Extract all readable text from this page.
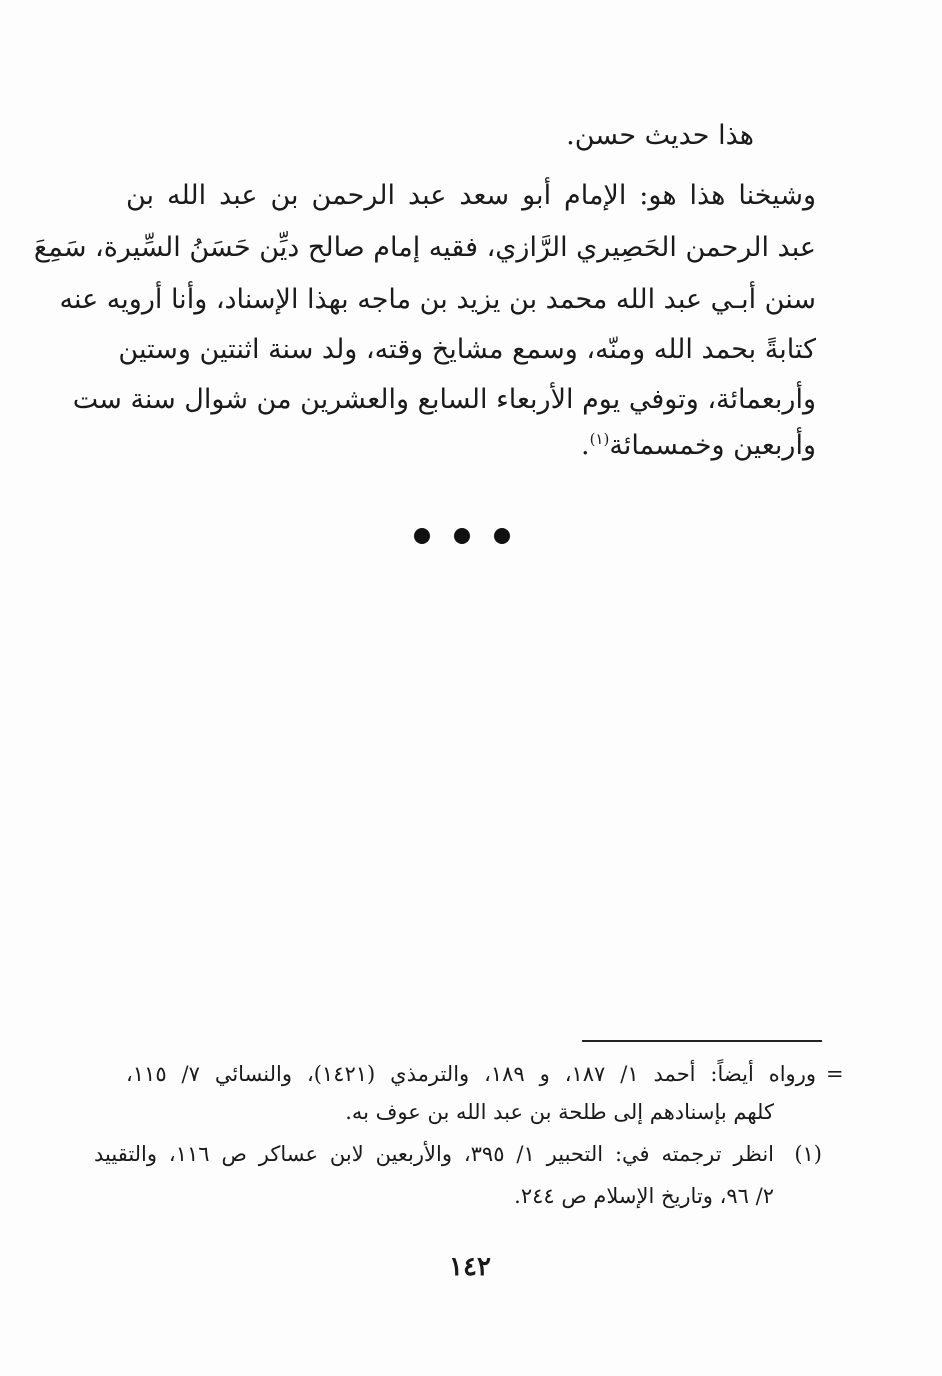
هذا حديث حسن.
وشيخنا هذا هو: الإمام أبو سعد عبد الرحمن بن عبد الله بن
عبد الرحمن الحَصِيري الرَّازي، فقيه إمام صالح ديِّن حَسَنُ السِّيرة، سَمِعَ
سنن أبـي عبد الله محمد بن يزيد بن ماجه بهذا الإسناد، وأنا أرويه عنه
كتابةً بحمد الله ومنّه، وسمع مشايخ وقته، ولد سنة اثنتين وستين
وأربعمائة، وتوفي يوم الأربعاء السابع والعشرين من شوال سنة ست
وأربعين وخمسمائة$^{(١)}$.
=
ورواه أيضاً: أحمد ١/ ١٨٧، و ١٨٩، والترمذي (١٤٢١)، والنسائي ٧/ ١١٥،
كلهم بإسنادهم إلى طلحة بن عبد الله بن عوف به.
(١)
انظر ترجمته في: التحبير ١/ ٣٩٥، والأربعين لابن عساكر ص ١١٦، والتقييد
٢/ ٩٦، وتاريخ الإسلام ص ٢٤٤.
١٤٢
